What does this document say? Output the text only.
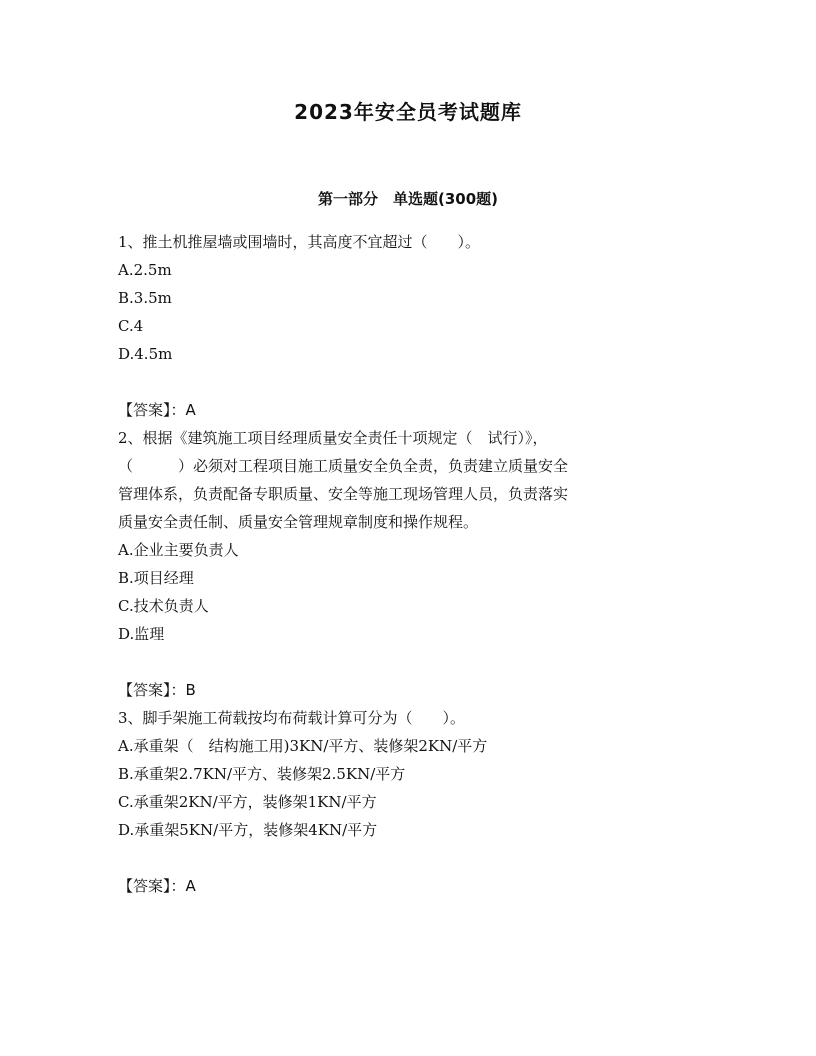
2023年安全员考试题库
第一部分　单选题(300题)
1、推土机推屋墙或围墙时，其高度不宜超过（　　）。
A.2.5m
B.3.5m
C.4
D.4.5m
【答案】：A
2、根据《建筑施工项目经理质量安全责任十项规定（　试行）》，
（　　　）必须对工程项目施工质量安全负全责，负责建立质量安全
管理体系，负责配备专职质量、安全等施工现场管理人员，负责落实
质量安全责任制、质量安全管理规章制度和操作规程。
A.企业主要负责人
B.项目经理
C.技术负责人
D.监理
【答案】：B
3、脚手架施工荷载按均布荷载计算可分为（　　）。
A.承重架（　结构施工用)3KN/平方、装修架2KN/平方
B.承重架2.7KN/平方、装修架2.5KN/平方
C.承重架2KN/平方，装修架1KN/平方
D.承重架5KN/平方，装修架4KN/平方
【答案】：A
